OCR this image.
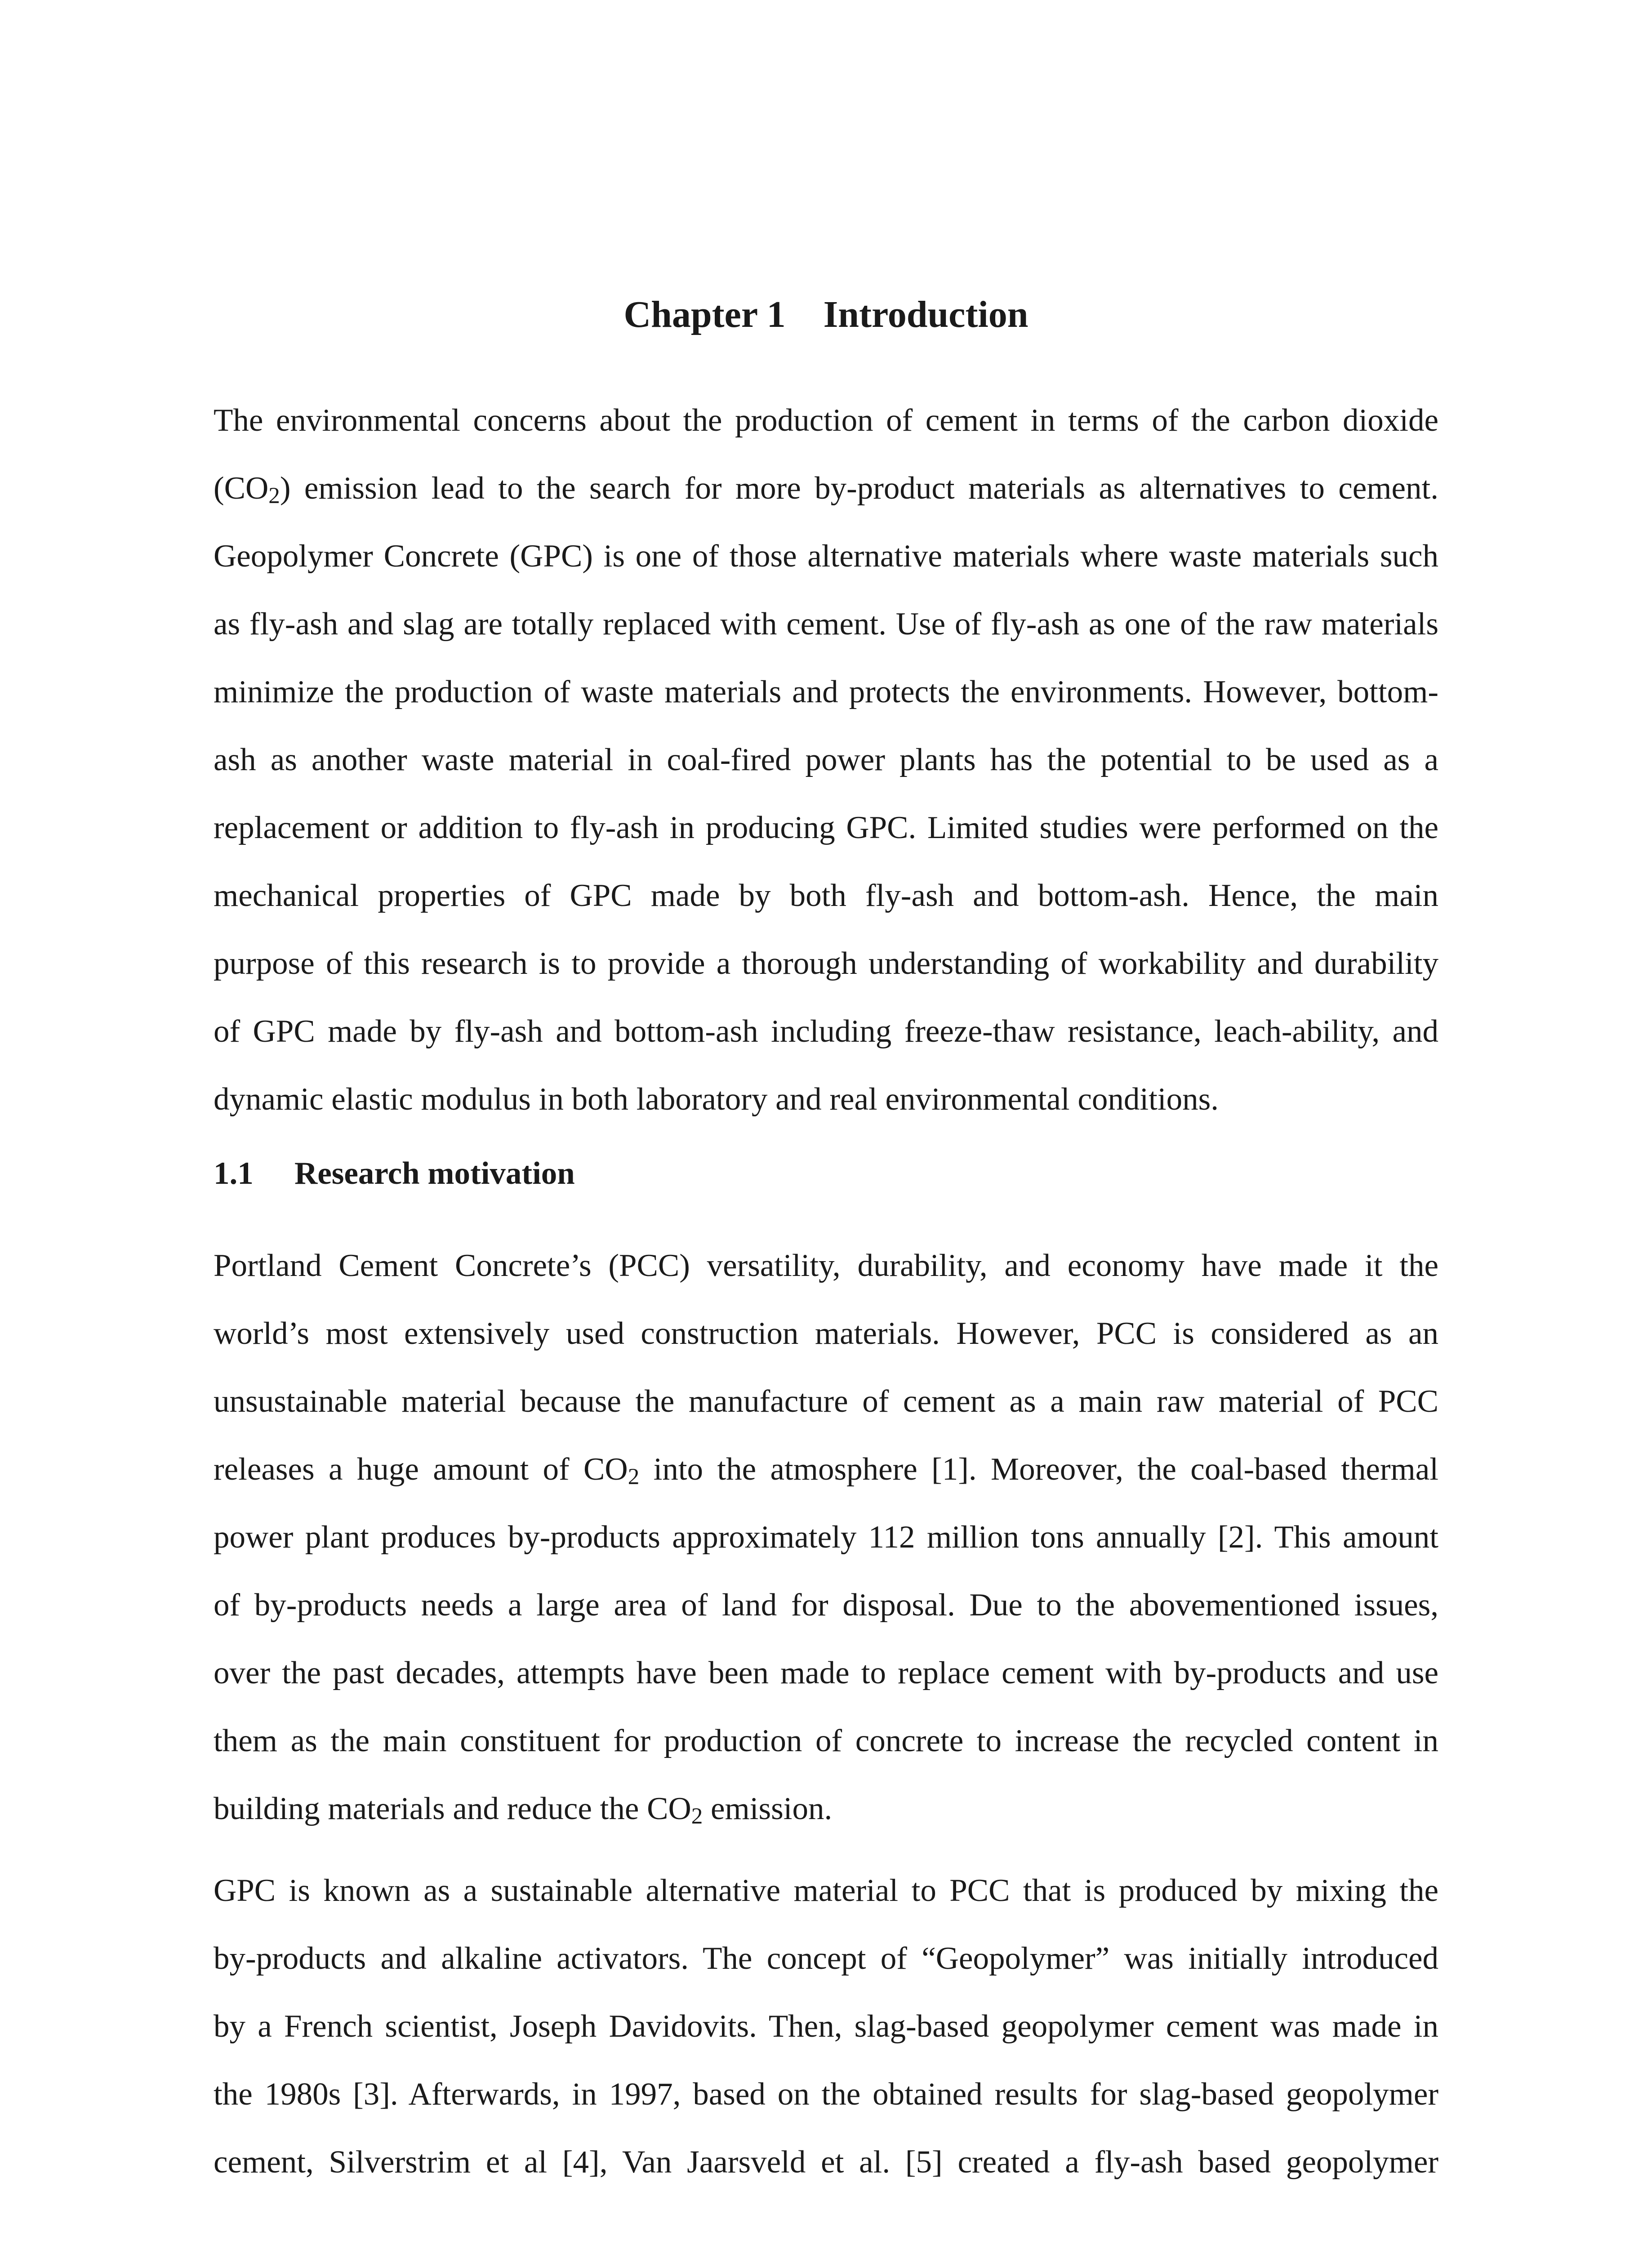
Chapter 1    Introduction

The environmental concerns about the production of cement in terms of the carbon dioxide
$(CO_2)$ emission lead to the search for more by-product materials as alternatives to cement.
Geopolymer Concrete (GPC) is one of those alternative materials where waste materials such
as fly-ash and slag are totally replaced with cement. Use of fly-ash as one of the raw materials
minimize the production of waste materials and protects the environments. However, bottom-
ash as another waste material in coal-fired power plants has the potential to be used as a
replacement or addition to fly-ash in producing GPC. Limited studies were performed on the
mechanical properties of GPC made by both fly-ash and bottom-ash. Hence, the main
purpose of this research is to provide a thorough understanding of workability and durability
of GPC made by fly-ash and bottom-ash including freeze-thaw resistance, leach-ability, and
dynamic elastic modulus in both laboratory and real environmental conditions.

1.1 Research motivation

Portland Cement Concrete’s (PCC) versatility, durability, and economy have made it the
world’s most extensively used construction materials. However, PCC is considered as an
unsustainable material because the manufacture of cement as a main raw material of PCC
releases a huge amount of $CO_2$ into the atmosphere [1]. Moreover, the coal-based thermal
power plant produces by-products approximately 112 million tons annually [2]. This amount
of by-products needs a large area of land for disposal. Due to the abovementioned issues,
over the past decades, attempts have been made to replace cement with by-products and use
them as the main constituent for production of concrete to increase the recycled content in
building materials and reduce the $CO_2$ emission.

GPC is known as a sustainable alternative material to PCC that is produced by mixing the
by-products and alkaline activators. The concept of “Geopolymer” was initially introduced
by a French scientist, Joseph Davidovits. Then, slag-based geopolymer cement was made in
the 1980s [3]. Afterwards, in 1997, based on the obtained results for slag-based geopolymer
cement, Silverstrim et al [4], Van Jaarsveld et al. [5] created a fly-ash based geopolymer
